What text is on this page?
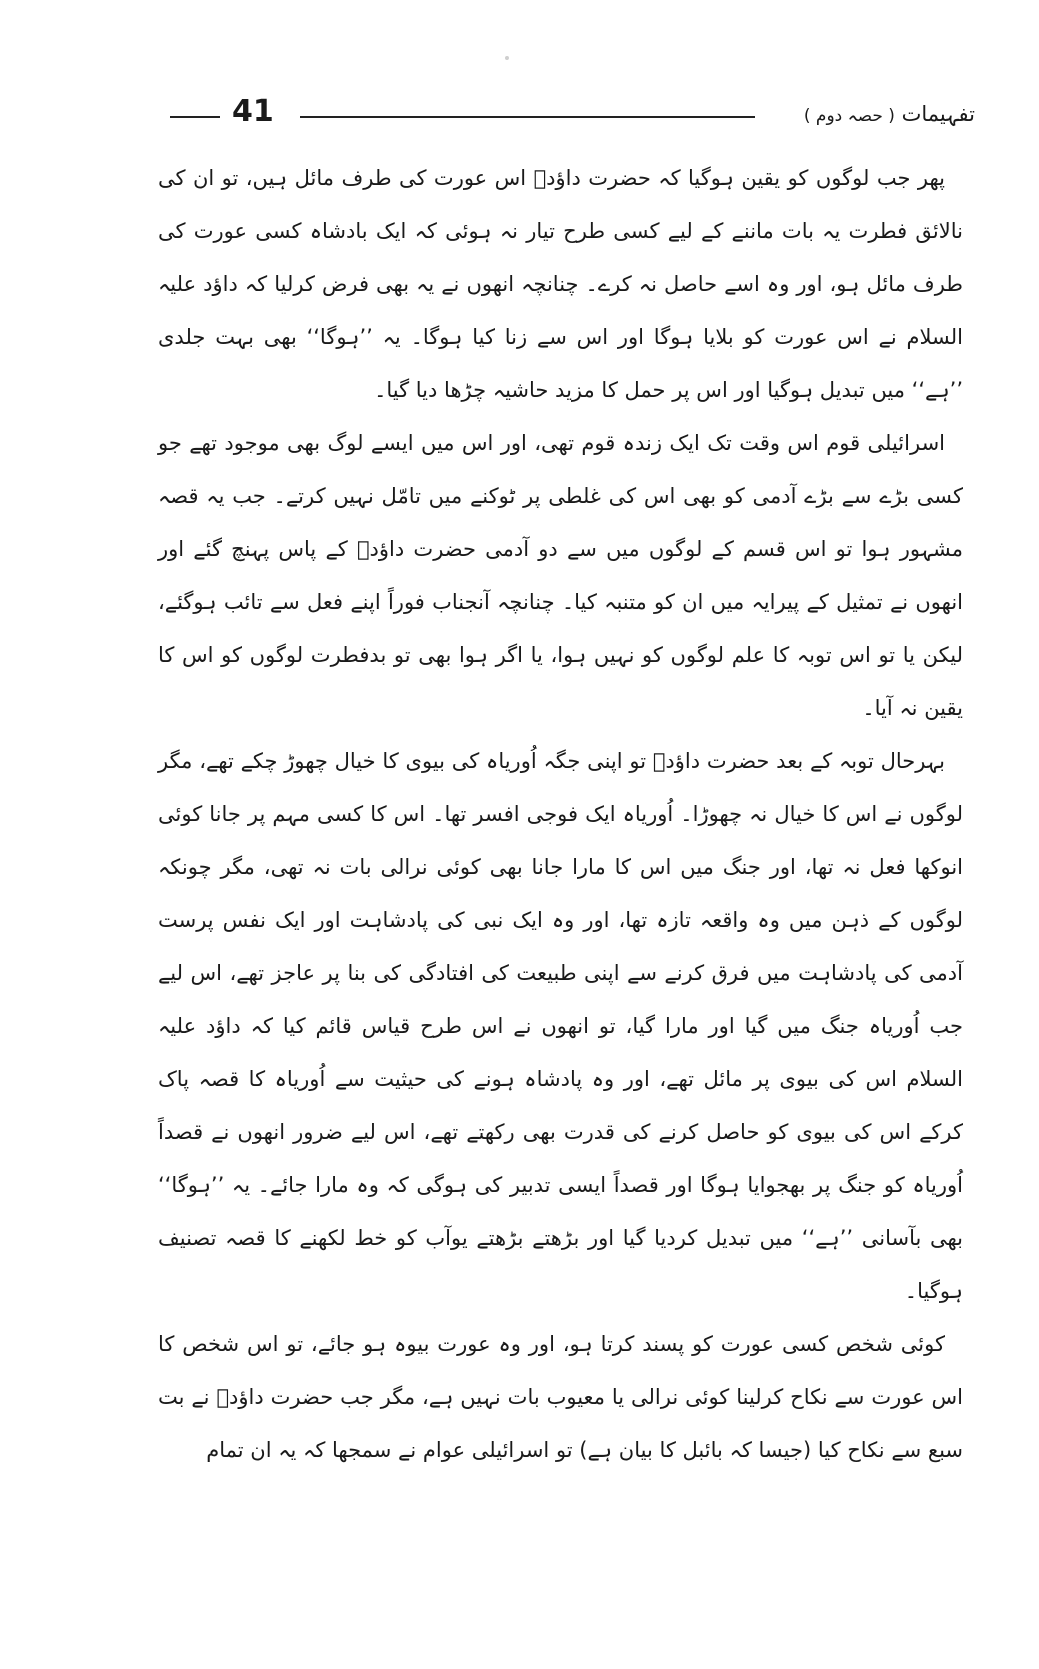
41	تفہیمات ( حصہ دوم )

پھر جب لوگوں کو یقین ہوگیا کہ حضرت داؤدؑ اس عورت کی طرف مائل ہیں، تو ان کی نالائق فطرت یہ بات ماننے کے لیے کسی طرح تیار نہ ہوئی کہ ایک بادشاہ کسی عورت کی طرف مائل ہو، اور وہ اسے حاصل نہ کرے۔ چنانچہ انھوں نے یہ بھی فرض کرلیا کہ داؤد علیہ السلام نے اس عورت کو بلایا ہوگا اور اس سے زنا کیا ہوگا۔ یہ ’’ہوگا‘‘ بھی بہت جلدی ’’ہے‘‘ میں تبدیل ہوگیا اور اس پر حمل کا مزید حاشیہ چڑھا دیا گیا۔

اسرائیلی قوم اس وقت تک ایک زندہ قوم تھی، اور اس میں ایسے لوگ بھی موجود تھے جو کسی بڑے سے بڑے آدمی کو بھی اس کی غلطی پر ٹوکنے میں تامّل نہیں کرتے۔ جب یہ قصہ مشہور ہوا تو اس قسم کے لوگوں میں سے دو آدمی حضرت داؤدؑ کے پاس پہنچ گئے اور انھوں نے تمثیل کے پیرایہ میں ان کو متنبہ کیا۔ چنانچہ آنجناب فوراً اپنے فعل سے تائب ہوگئے، لیکن یا تو اس توبہ کا علم لوگوں کو نہیں ہوا، یا اگر ہوا بھی تو بدفطرت لوگوں کو اس کا یقین نہ آیا۔

بہرحال توبہ کے بعد حضرت داؤدؑ تو اپنی جگہ اُوریاہ کی بیوی کا خیال چھوڑ چکے تھے، مگر لوگوں نے اس کا خیال نہ چھوڑا۔ اُوریاہ ایک فوجی افسر تھا۔ اس کا کسی مہم پر جانا کوئی انوکھا فعل نہ تھا، اور جنگ میں اس کا مارا جانا بھی کوئی نرالی بات نہ تھی، مگر چونکہ لوگوں کے ذہن میں وہ واقعہ تازہ تھا، اور وہ ایک نبی کی پادشاہت اور ایک نفس پرست آدمی کی پادشاہت میں فرق کرنے سے اپنی طبیعت کی افتادگی کی بنا پر عاجز تھے، اس لیے جب اُوریاہ جنگ میں گیا اور مارا گیا، تو انھوں نے اس طرح قیاس قائم کیا کہ داؤد علیہ السلام اس کی بیوی پر مائل تھے، اور وہ پادشاہ ہونے کی حیثیت سے اُوریاہ کا قصہ پاک کرکے اس کی بیوی کو حاصل کرنے کی قدرت بھی رکھتے تھے، اس لیے ضرور انھوں نے قصداً اُوریاہ کو جنگ پر بھجوایا ہوگا اور قصداً ایسی تدبیر کی ہوگی کہ وہ مارا جائے۔ یہ ’’ہوگا‘‘ بھی بآسانی ’’ہے‘‘ میں تبدیل کردیا گیا اور بڑھتے بڑھتے یوآب کو خط لکھنے کا قصہ تصنیف ہوگیا۔

کوئی شخص کسی عورت کو پسند کرتا ہو، اور وہ عورت بیوہ ہو جائے، تو اس شخص کا اس عورت سے نکاح کرلینا کوئی نرالی یا معیوب بات نہیں ہے، مگر جب حضرت داؤدؑ نے بت سبع سے نکاح کیا (جیسا کہ بائبل کا بیان ہے) تو اسرائیلی عوام نے سمجھا کہ یہ ان تمام
